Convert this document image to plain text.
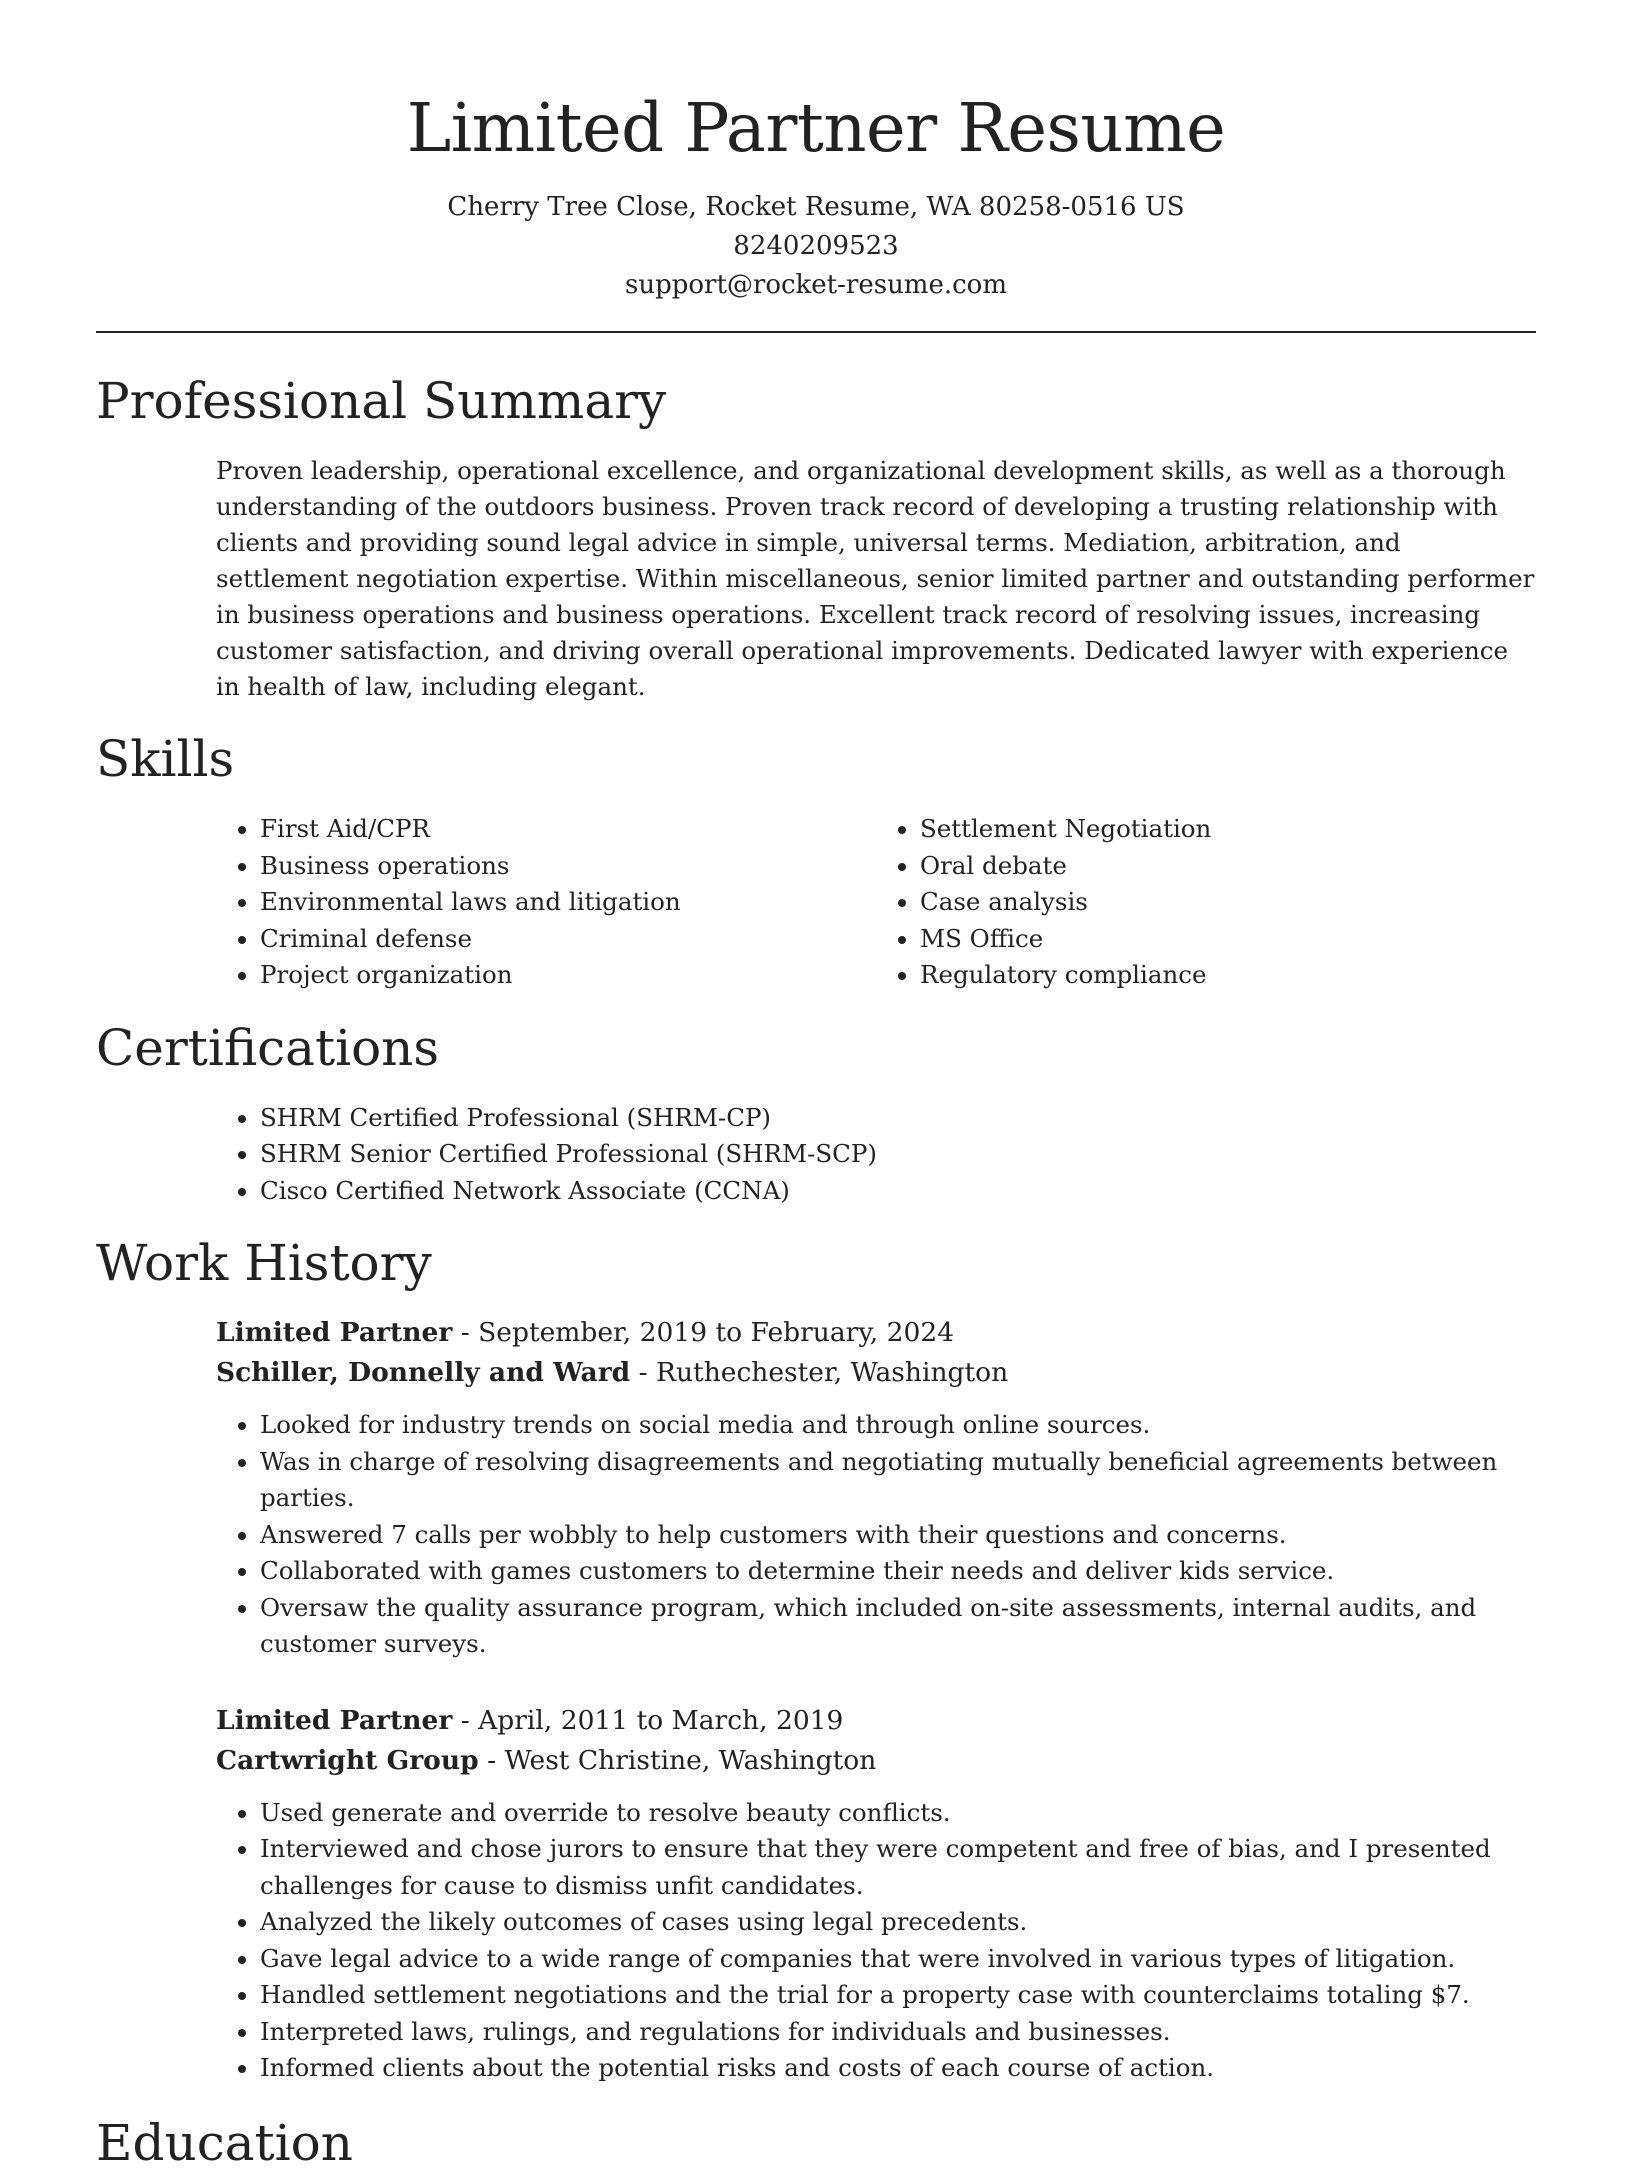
Limited Partner Resume
Cherry Tree Close, Rocket Resume, WA 80258-0516 US
8240209523
support@rocket-resume.com
Professional Summary

Proven leadership, operational excellence, and organizational development skills, as well as a thorough understanding of the outdoors business. Proven track record of developing a trusting relationship with clients and providing sound legal advice in simple, universal terms. Mediation, arbitration, and settlement negotiation expertise. Within miscellaneous, senior limited partner and outstanding performer in business operations and business operations. Excellent track record of resolving issues, increasing customer satisfaction, and driving overall operational improvements. Dedicated lawyer with experience in health of law, including elegant.

Skills
• First Aid/CPR
• Business operations
• Environmental laws and litigation
• Criminal defense
• Project organization
• Settlement Negotiation
• Oral debate
• Case analysis
• MS Office
• Regulatory compliance
Certifications
• SHRM Certified Professional (SHRM-CP)
• SHRM Senior Certified Professional (SHRM-SCP)
• Cisco Certified Network Associate (CCNA)
Work History
Limited Partner - September, 2019 to February, 2024
Schiller, Donnelly and Ward - Ruthechester, Washington
• Looked for industry trends on social media and through online sources.
• Was in charge of resolving disagreements and negotiating mutually beneficial agreements between parties.
• Answered 7 calls per wobbly to help customers with their questions and concerns.
• Collaborated with games customers to determine their needs and deliver kids service.
• Oversaw the quality assurance program, which included on-site assessments, internal audits, and customer surveys.
Limited Partner - April, 2011 to March, 2019
Cartwright Group - West Christine, Washington
• Used generate and override to resolve beauty conflicts.
• Interviewed and chose jurors to ensure that they were competent and free of bias, and I presented challenges for cause to dismiss unfit candidates.
• Analyzed the likely outcomes of cases using legal precedents.
• Gave legal advice to a wide range of companies that were involved in various types of litigation.
• Handled settlement negotiations and the trial for a property case with counterclaims totaling $7.
• Interpreted laws, rulings, and regulations for individuals and businesses.
• Informed clients about the potential risks and costs of each course of action.
Education
